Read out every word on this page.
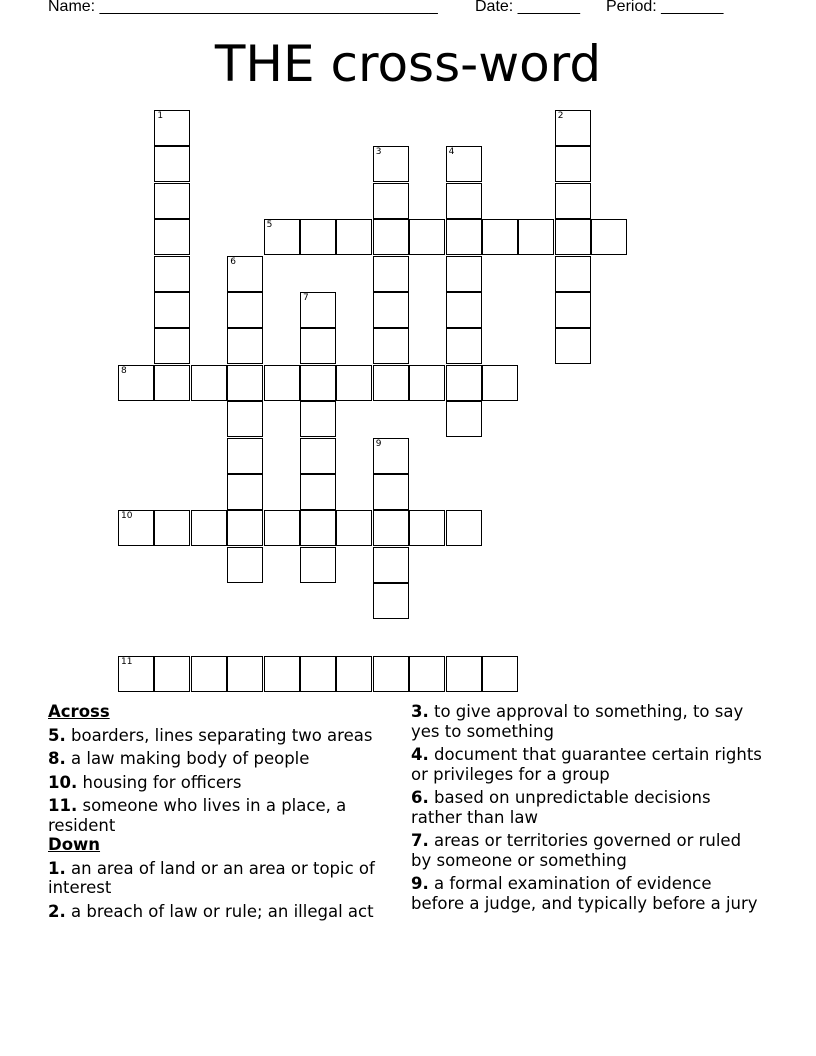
Name: ______________________________________ Date: _______ Period: _______
THE cross-word
1	2
3	4
5
6
7
8
9
10
11
Across
5. boarders, lines separating two areas
8. a law making body of people
10. housing for officers
11. someone who lives in a place, a resident
Down
1. an area of land or an area or topic of interest
2. a breach of law or rule; an illegal act
3. to give approval to something, to say yes to something
4. document that guarantee certain rights or privileges for a group
6. based on unpredictable decisions rather than law
7. areas or territories governed or ruled by someone or something
9. a formal examination of evidence before a judge, and typically before a jury
